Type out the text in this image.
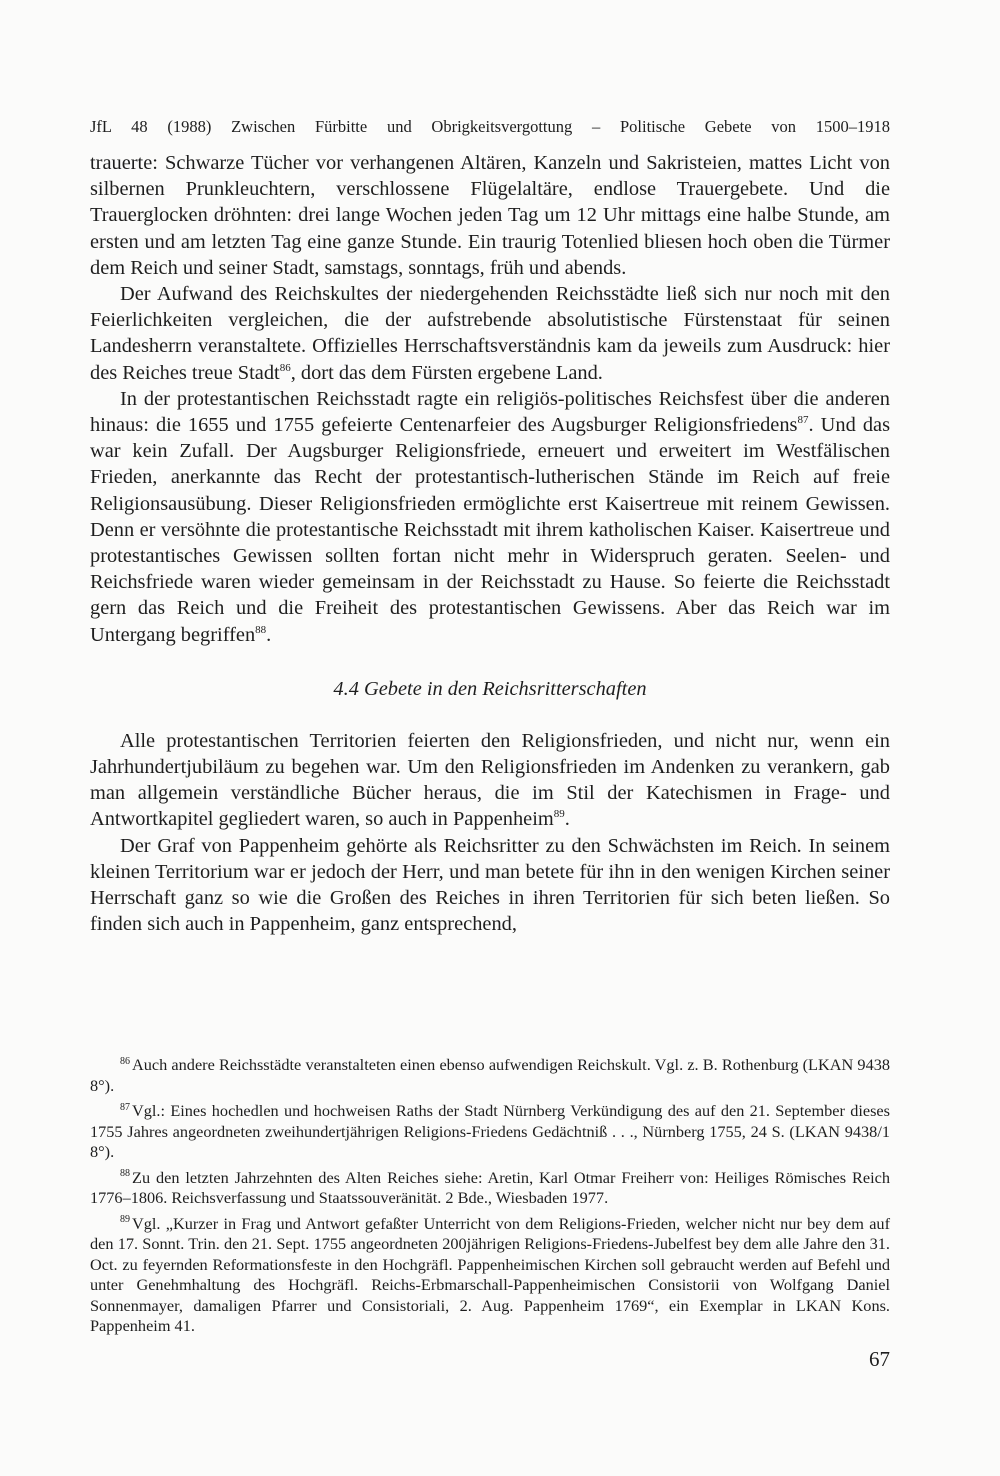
JfL 48 (1988) Zwischen Fürbitte und Obrigkeitsvergottung – Politische Gebete von 1500–1918

trauerte: Schwarze Tücher vor verhangenen Altären, Kanzeln und Sakristeien, mattes Licht von silbernen Prunkleuchtern, verschlossene Flügelaltäre, endlose Trauergebete. Und die Trauerglocken dröhnten: drei lange Wochen jeden Tag um 12 Uhr mittags eine halbe Stunde, am ersten und am letzten Tag eine ganze Stunde. Ein traurig Totenlied bliesen hoch oben die Türmer dem Reich und seiner Stadt, samstags, sonntags, früh und abends.

Der Aufwand des Reichskultes der niedergehenden Reichsstädte ließ sich nur noch mit den Feierlichkeiten vergleichen, die der aufstrebende absolutistische Fürstenstaat für seinen Landesherrn veranstaltete. Offizielles Herrschaftsverständnis kam da jeweils zum Ausdruck: hier des Reiches treue Stadt$^{86}$, dort das dem Fürsten ergebene Land.

In der protestantischen Reichsstadt ragte ein religiös-politisches Reichsfest über die anderen hinaus: die 1655 und 1755 gefeierte Centenarfeier des Augsburger Religionsfriedens$^{87}$. Und das war kein Zufall. Der Augsburger Religionsfriede, erneuert und erweitert im Westfälischen Frieden, anerkannte das Recht der protestantisch-lutherischen Stände im Reich auf freie Religionsausübung. Dieser Religionsfrieden ermöglichte erst Kaisertreue mit reinem Gewissen. Denn er versöhnte die protestantische Reichsstadt mit ihrem katholischen Kaiser. Kaisertreue und protestantisches Gewissen sollten fortan nicht mehr in Widerspruch geraten. Seelen- und Reichsfriede waren wieder gemeinsam in der Reichsstadt zu Hause. So feierte die Reichsstadt gern das Reich und die Freiheit des protestantischen Gewissens. Aber das Reich war im Untergang begriffen$^{88}$.

4.4 Gebete in den Reichsritterschaften

Alle protestantischen Territorien feierten den Religionsfrieden, und nicht nur, wenn ein Jahrhundertjubiläum zu begehen war. Um den Religionsfrieden im Andenken zu verankern, gab man allgemein verständliche Bücher heraus, die im Stil der Katechismen in Frage- und Antwortkapitel gegliedert waren, so auch in Pappenheim$^{89}$.

Der Graf von Pappenheim gehörte als Reichsritter zu den Schwächsten im Reich. In seinem kleinen Territorium war er jedoch der Herr, und man betete für ihn in den wenigen Kirchen seiner Herrschaft ganz so wie die Großen des Reiches in ihren Territorien für sich beten ließen. So finden sich auch in Pappenheim, ganz entsprechend,

$^{86}$ Auch andere Reichsstädte veranstalteten einen ebenso aufwendigen Reichskult. Vgl. z. B. Rothenburg (LKAN 9438 8°).

$^{87}$ Vgl.: Eines hochedlen und hochweisen Raths der Stadt Nürnberg Verkündigung des auf den 21. September dieses 1755 Jahres angeordneten zweihundertjährigen Religions-Friedens Gedächtniß . . ., Nürnberg 1755, 24 S. (LKAN 9438/1 8°).

$^{88}$ Zu den letzten Jahrzehnten des Alten Reiches siehe: Aretin, Karl Otmar Freiherr von: Heiliges Römisches Reich 1776–1806. Reichsverfassung und Staatssouveränität. 2 Bde., Wiesbaden 1977.

$^{89}$ Vgl. „Kurzer in Frag und Antwort gefaßter Unterricht von dem Religions-Frieden, welcher nicht nur bey dem auf den 17. Sonnt. Trin. den 21. Sept. 1755 angeordneten 200jährigen Religions-Friedens-Jubelfest bey dem alle Jahre den 31. Oct. zu feyernden Reformationsfeste in den Hochgräfl. Pappenheimischen Kirchen soll gebraucht werden auf Befehl und unter Genehmhaltung des Hochgräfl. Reichs-Erbmarschall-Pappenheimischen Consistorii von Wolfgang Daniel Sonnenmayer, damaligen Pfarrer und Consistoriali, 2. Aug. Pappenheim 1769“, ein Exemplar in LKAN Kons. Pappenheim 41.

67
